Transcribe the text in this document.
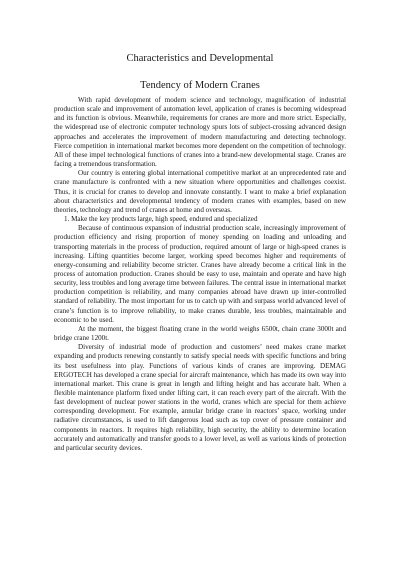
Characteristics and Developmental

Tendency of Modern Cranes

With rapid development of modern science and technology, magnification of industrial production scale and improvement of automation level, application of cranes is becoming widespread and its function is obvious. Meanwhile, requirements for cranes are more and more strict. Especially, the widespread use of electronic computer technology spurs lots of subject-crossing advanced design approaches and accelerates the improvement of modern manufacturing and detecting technology. Fierce competition in international market becomes more dependent on the competition of technology. All of these impel technological functions of cranes into a brand-new developmental stage. Cranes are facing a tremendous transformation.

Our country is entering global international competitive market at an unprecedented rate and crane manufacture is confronted with a new situation where opportunities and challenges coexist. Thus, it is crucial for cranes to develop and innovate constantly. I want to make a brief explanation about characteristics and developmental tendency of modern cranes with examples, based on new theories, technology and trend of cranes at home and overseas.

1. Make the key products large, high speed, endured and specialized

Because of continuous expansion of industrial production scale, increasingly improvement of production efficiency and rising proportion of money spending on loading and unloading and transporting materials in the process of production, required amount of large or high-speed cranes is increasing. Lifting quantities become larger, working speed becomes higher and requirements of energy-consuming and reliability become stricter. Cranes have already become a critical link in the process of automation production. Cranes should be easy to use, maintain and operate and have high security, less troubles and long average time between failures. The central issue in international market production competition is reliability, and many companies abroad have drawn up inter-controlled standard of reliability. The most important for us to catch up with and surpass world advanced level of crane’s function is to improve reliability, to make cranes durable, less troubles, maintainable and economic to be used.

At the moment, the biggest floating crane in the world weighs 6500t, chain crane 3000t and bridge crane 1200t.

Diversity of industrial mode of production and customers’ need makes crane market expanding and products renewing constantly to satisfy special needs with specific functions and bring its best usefulness into play. Functions of various kinds of cranes are improving. DEMAG ERGOTECH has developed a crane special for aircraft maintenance, which has made its own way into international market. This crane is great in length and lifting height and has accurate halt. When a flexible maintenance platform fixed under lifting cart, it can reach every part of the aircraft. With the fast development of nuclear power stations in the world, cranes which are special for them achieve corresponding development. For example, annular bridge crane in reactors’ space, working under radiative circumstances, is used to lift dangerous load such as top cover of pressure container and components in reactors. It requires high reliability, high security, the ability to determine location accurately and automatically and transfer goods to a lower level, as well as various kinds of protection and particular security devices.
